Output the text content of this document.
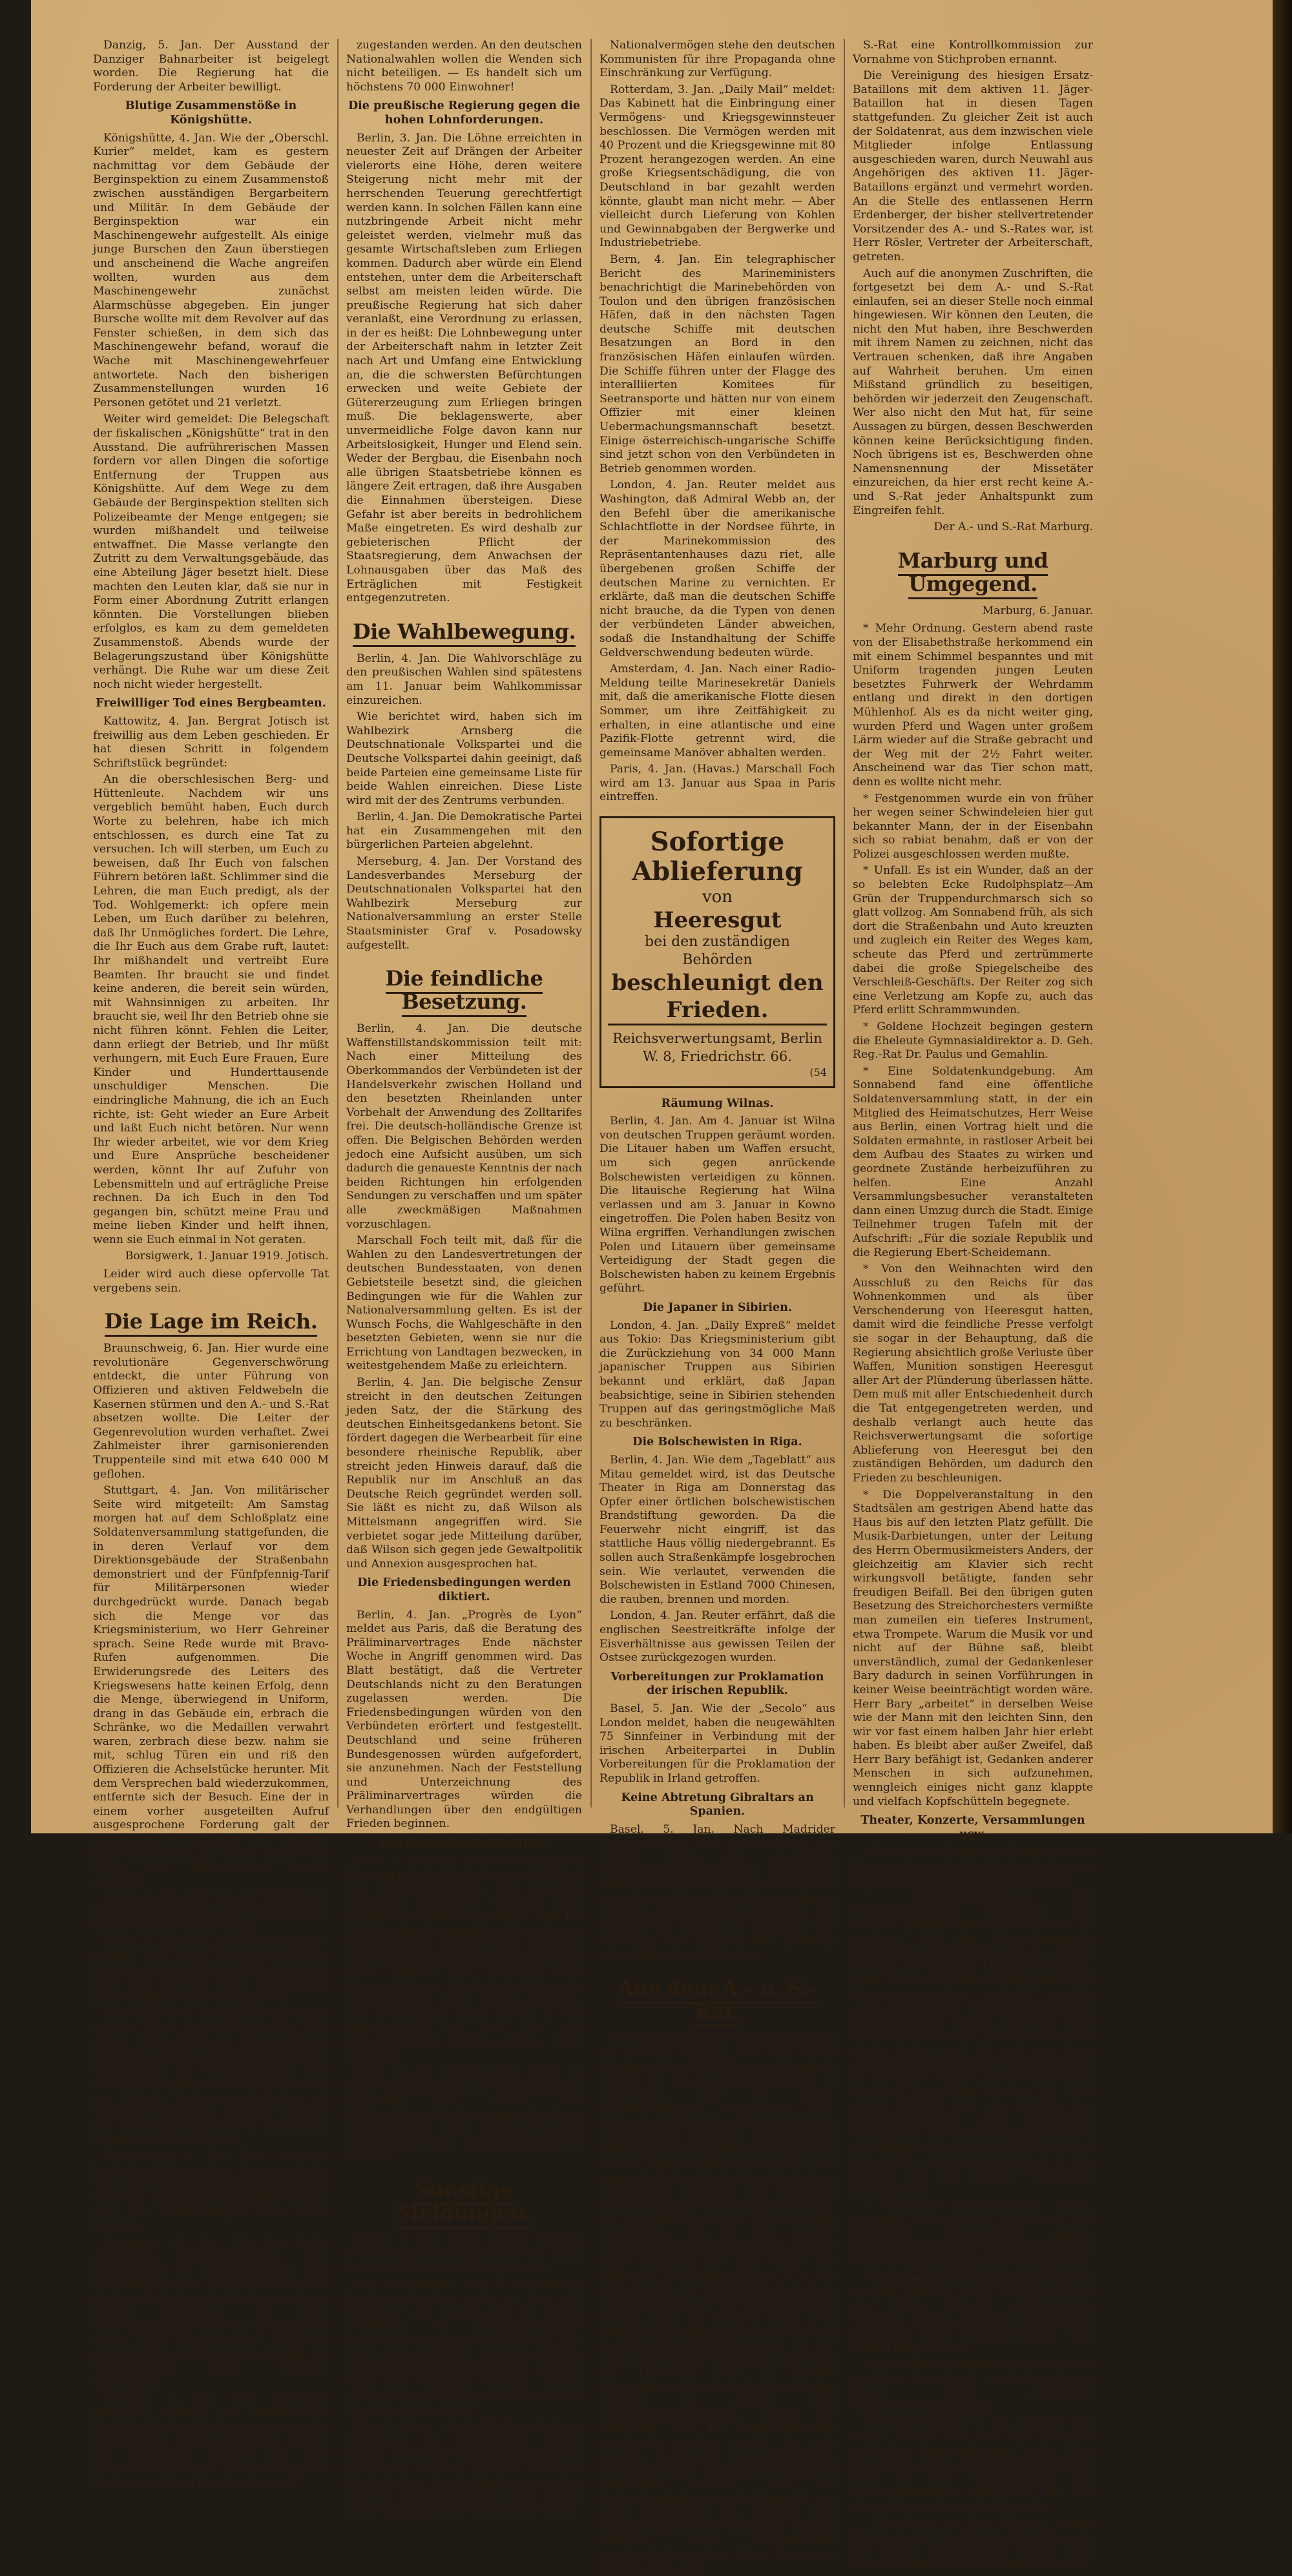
Danzig, 5. Jan. Der Ausstand der Danziger Bahnarbeiter ist beigelegt worden. Die Regierung hat die Forderung der Arbeiter bewilligt.

Blutige Zusammenstöße in Königshütte.

Königshütte, 4. Jan. Wie der „Oberschl. Kurier“ meldet, kam es gestern nachmittag vor dem Gebäude der Berginspektion zu einem Zusammenstoß zwischen ausständigen Bergarbeitern und Militär. In dem Gebäude der Berginspektion war ein Maschinengewehr aufgestellt. Als einige junge Burschen den Zaun überstiegen und anscheinend die Wache angreifen wollten, wurden aus dem Maschinengewehr zunächst Alarmschüsse abgegeben. Ein junger Bursche wollte mit dem Revolver auf das Fenster schießen, in dem sich das Maschinengewehr befand, worauf die Wache mit Maschinengewehrfeuer antwortete. Nach den bisherigen Zusammenstellungen wurden 16 Personen getötet und 21 verletzt.

Weiter wird gemeldet: Die Belegschaft der fiskalischen „Königshütte“ trat in den Ausstand. Die aufrührerischen Massen fordern vor allen Dingen die sofortige Entfernung der Truppen aus Königshütte. Auf dem Wege zu dem Gebäude der Berginspektion stellten sich Polizeibeamte der Menge entgegen; sie wurden mißhandelt und teilweise entwaffnet. Die Masse verlangte den Zutritt zu dem Verwaltungsgebäude, das eine Abteilung Jäger besetzt hielt. Diese machten den Leuten klar, daß sie nur in Form einer Abordnung Zutritt erlangen könnten. Die Vorstellungen blieben erfolglos, es kam zu dem gemeldeten Zusammenstoß. Abends wurde der Belagerungszustand über Königshütte verhängt. Die Ruhe war um diese Zeit noch nicht wieder hergestellt.

Freiwilliger Tod eines Bergbeamten.

Kattowitz, 4. Jan. Bergrat Jotisch ist freiwillig aus dem Leben geschieden. Er hat diesen Schritt in folgendem Schriftstück begründet:

An die oberschlesischen Berg- und Hüttenleute. Nachdem wir uns vergeblich bemüht haben, Euch durch Worte zu belehren, habe ich mich entschlossen, es durch eine Tat zu versuchen. Ich will sterben, um Euch zu beweisen, daß Ihr Euch von falschen Führern betören laßt. Schlimmer sind die Lehren, die man Euch predigt, als der Tod. Wohlgemerkt: ich opfere mein Leben, um Euch darüber zu belehren, daß Ihr Unmögliches fordert. Die Lehre, die Ihr Euch aus dem Grabe ruft, lautet: Ihr mißhandelt und vertreibt Eure Beamten. Ihr braucht sie und findet keine anderen, die bereit sein würden, mit Wahnsinnigen zu arbeiten. Ihr braucht sie, weil Ihr den Betrieb ohne sie nicht führen könnt. Fehlen die Leiter, dann erliegt der Betrieb, und Ihr müßt verhungern, mit Euch Eure Frauen, Eure Kinder und Hunderttausende unschuldiger Menschen. Die eindringliche Mahnung, die ich an Euch richte, ist: Geht wieder an Eure Arbeit und laßt Euch nicht betören. Nur wenn Ihr wieder arbeitet, wie vor dem Krieg und Eure Ansprüche bescheidener werden, könnt Ihr auf Zufuhr von Lebensmitteln und auf erträgliche Preise rechnen. Da ich Euch in den Tod gegangen bin, schützt meine Frau und meine lieben Kinder und helft ihnen, wenn sie Euch einmal in Not geraten.

Borsigwerk, 1. Januar 1919. Jotisch.

Leider wird auch diese opfervolle Tat vergebens sein.

Die Lage im Reich.

Braunschweig, 6. Jan. Hier wurde eine revolutionäre Gegenverschwörung entdeckt, die unter Führung von Offizieren und aktiven Feldwebeln die Kasernen stürmen und den A.- und S.-Rat absetzen wollte. Die Leiter der Gegenrevolution wurden verhaftet. Zwei Zahlmeister ihrer garnisonierenden Truppenteile sind mit etwa 640 000 M geflohen.

Stuttgart, 4. Jan. Von militärischer Seite wird mitgeteilt: Am Samstag morgen hat auf dem Schloßplatz eine Soldatenversammlung stattgefunden, die in deren Verlauf vor dem Direktionsgebäude der Straßenbahn demonstriert und der Fünfpfennig-Tarif für Militärpersonen wieder durchgedrückt wurde. Danach begab sich die Menge vor das Kriegsministerium, wo Herr Gehreiner sprach. Seine Rede wurde mit Bravo-Rufen aufgenommen. Die Erwiderungsrede des Leiters des Kriegswesens hatte keinen Erfolg, denn die Menge, überwiegend in Uniform, drang in das Gebäude ein, erbrach die Schränke, wo die Medaillen verwahrt waren, zerbrach diese bezw. nahm sie mit, schlug Türen ein und riß den Offizieren die Achselstücke herunter. Mit dem Versprechen bald wiederzukommen, entfernte sich der Besuch. Eine der in einem vorher ausgeteilten Aufruf ausgesprochene Forderung galt der Entfernung der Offiziere. Der Soldaten- und Arbeiterrat, an seiner Spitze der Leiter des Kriegswesens, waren machtlos.

Berlin, 4. Jan. Ein Teil der Weinhäuser hat den Kellnern ein festes monatliches Gehalt von 1000 M bewilligt.

Berlin, 4. Jan. Die „Deutsche Allg. Ztg.“ meldet, daß nach Informationen der Reichsregierung Radek Berlin verlassen habe und daß von einer Unwesenheit Joffes in Berlin nichts bekannt sei.

Bemerkenswert ist folgende Zuschrift, die der „Voss. Ztg.“ erhalten hat: Eine starke Minderheit der Marinedivision wünschte, daß sie keine Tagesdiebe sind, Verwendung im Ostgrenzschutz. Die Führer bekämpfen aber diesen Plan, teils aus Furcht, teils aus Hoffnung auf sonstige Verwendung. Mit dem Gelingen zur Unterstützung unseres Gedankens. Matrosen auf nach Posen!

Königsberg, 3. Jan. Der weilende Landwirtschaftsminister Braun äußerte sich: Mit Polen wird es hier nicht soweit, wenn wir militärisch eingegriffen hätten, was die Unabhängigen aber nicht zuließen.

Hamburg, 4. Jan. Die für heute angesetzte Volksversammlung aller Soldatenräte in Hamburg-Altona und Umgebung zweck Einigung unter den drei sozialistischen Richtungen verlief in großer Erregung. In einer Beschlußfassung kam es infolgedessen nicht. Nach weitgehenden heftigsten gegenseitigen Anfeindungen gingen die Versammelten ohne Ergebnis auseinander.

Dresden, 3. Jan. Der „Dresdner Anzeiger“ meldet aus zuverlässiger Quelle, daß die Wenden einen eigenen Oberlausitzer Freistaat gründen wollen. Sie verhandeln darüber mit dem Verband, und es soll ihnen ein eigener Vertreter auf dem Friedenskongreß

zugestanden werden. An den deutschen Nationalwahlen wollen die Wenden sich nicht beteiligen. — Es handelt sich um höchstens 70 000 Einwohner!

Die preußische Regierung gegen die hohen Lohnforderungen.

Berlin, 3. Jan. Die Löhne erreichten in neuester Zeit auf Drängen der Arbeiter vielerorts eine Höhe, deren weitere Steigerung nicht mehr mit der herrschenden Teuerung gerechtfertigt werden kann. In solchen Fällen kann eine nutzbringende Arbeit nicht mehr geleistet werden, vielmehr muß das gesamte Wirtschaftsleben zum Erliegen kommen. Dadurch aber würde ein Elend entstehen, unter dem die Arbeiterschaft selbst am meisten leiden würde. Die preußische Regierung hat sich daher veranlaßt, eine Verordnung zu erlassen, in der es heißt: Die Lohnbewegung unter der Arbeiterschaft nahm in letzter Zeit nach Art und Umfang eine Entwicklung an, die die schwersten Befürchtungen erwecken und weite Gebiete der Gütererzeugung zum Erliegen bringen muß. Die beklagenswerte, aber unvermeidliche Folge davon kann nur Arbeitslosigkeit, Hunger und Elend sein. Weder der Bergbau, die Eisenbahn noch alle übrigen Staatsbetriebe können es längere Zeit ertragen, daß ihre Ausgaben die Einnahmen übersteigen. Diese Gefahr ist aber bereits in bedrohlichem Maße eingetreten. Es wird deshalb zur gebieterischen Pflicht der Staatsregierung, dem Anwachsen der Lohnausgaben über das Maß des Erträglichen mit Festigkeit entgegenzutreten.

Die Wahlbewegung.

Berlin, 4. Jan. Die Wahlvorschläge zu den preußischen Wahlen sind spätestens am 11. Januar beim Wahlkommissar einzureichen.

Wie berichtet wird, haben sich im Wahlbezirk Arnsberg die Deutschnationale Volkspartei und die Deutsche Volkspartei dahin geeinigt, daß beide Parteien eine gemeinsame Liste für beide Wahlen einreichen. Diese Liste wird mit der des Zentrums verbunden.

Berlin, 4. Jan. Die Demokratische Partei hat ein Zusammengehen mit den bürgerlichen Parteien abgelehnt.

Merseburg, 4. Jan. Der Vorstand des Landesverbandes Merseburg der Deutschnationalen Volkspartei hat den Wahlbezirk Merseburg zur Nationalversammlung an erster Stelle Staatsminister Graf v. Posadowsky aufgestellt.

Die feindliche Besetzung.

Berlin, 4. Jan. Die deutsche Waffenstillstandskommission teilt mit: Nach einer Mitteilung des Oberkommandos der Verbündeten ist der Handelsverkehr zwischen Holland und den besetzten Rheinlanden unter Vorbehalt der Anwendung des Zolltarifes frei. Die deutsch-holländische Grenze ist offen. Die Belgischen Behörden werden jedoch eine Aufsicht ausüben, um sich dadurch die genaueste Kenntnis der nach beiden Richtungen hin erfolgenden Sendungen zu verschaffen und um später alle zweckmäßigen Maßnahmen vorzuschlagen.

Marschall Foch teilt mit, daß für die Wahlen zu den Landesvertretungen der deutschen Bundesstaaten, von denen Gebietsteile besetzt sind, die gleichen Bedingungen wie für die Wahlen zur Nationalversammlung gelten. Es ist der Wunsch Fochs, die Wahlgeschäfte in den besetzten Gebieten, wenn sie nur die Errichtung von Landtagen bezwecken, in weitestgehendem Maße zu erleichtern.

Berlin, 4. Jan. Die belgische Zensur streicht in den deutschen Zeitungen jeden Satz, der die Stärkung des deutschen Einheitsgedankens betont. Sie fördert dagegen die Werbearbeit für eine besondere rheinische Republik, aber streicht jeden Hinweis darauf, daß die Republik nur im Anschluß an das Deutsche Reich gegründet werden soll. Sie läßt es nicht zu, daß Wilson als Mittelsmann angegriffen wird. Sie verbietet sogar jede Mitteilung darüber, daß Wilson sich gegen jede Gewaltpolitik und Annexion ausgesprochen hat.

Die Friedensbedingungen werden diktiert.

Berlin, 4. Jan. „Progrès de Lyon“ meldet aus Paris, daß die Beratung des Präliminarvertrages Ende nächster Woche in Angriff genommen wird. Das Blatt bestätigt, daß die Vertreter Deutschlands nicht zu den Beratungen zugelassen werden. Die Friedensbedingungen würden von den Verbündeten erörtert und festgestellt. Deutschland und seine früheren Bundesgenossen würden aufgefordert, sie anzunehmen. Nach der Feststellung und Unterzeichnung des Präliminarvertrages würden die Verhandlungen über den endgültigen Frieden beginnen.

Die deutschen Luftschiffe.

Bern, 4. Jan. Der „Matin“ verlangt die Herausgabe der Zeppeline vor Abschluß des Friedensvertrages. Die neuesten deutschen Zeppeline könnten jetzt stündlich 90 Klm. zurücklegen und für 100 Stunden Brennstoff an Bord führen. Die Luftschiffe könnten 9000 Kilometer ohne Zwischenlandung zurücklegen und somit bequem von Hamburg nach Newyork fahren. Die Entente könne die Verwirklichung eines solchen Projekts, das Deutschland einen Vorteil in der Beherrschung der Luft und auf wirtschaftlichem Gebiete sichere, nicht zulassen.

Paris, 4. Jan. (Havas.) Das „Echo de Paris“ sagt bezüglich der Uebergabe der Zeppeline auf Grund der Waffenstillstandsbedingungen, daß diese wahrscheinlich durch eigenes Personal nach England und Frankreich gefahren werden.

Sonstige Meldungen.

Berlin, 4. Jan. Prinz August Wilhelm von Preußen ist in den Dienst der Benz-Automobil-Gesellschaft eingetreten.

Der Vorsitzende des v. Kleistschen Familienverbandes gibt in der „D. Tageszig.“ die Namen der im Kriege gefallenen 16 Familienmitglieder bekannt (darunter 2 Generäle) und fügt hinzu: Sie sind nicht umsonst gefallen, denn sie durften noch glauben, daß das Wort zur Wahrheit werden würde: „Nimmer wird das Reich zerstöret, wenn ihr einig seid und treu.“

Basel, 4. Jan. „Daily Mail“ meldet aus Stockholm: Im Petersburger Sowjet wurde von dem Volksbeauftragten für Petersburg bekannt gegeben, daß die Revolution in Deutschland zu erwarten sei. Die Revolution könne nicht länger mehr aufgehalten werden. Das russische

Nationalvermögen stehe den deutschen Kommunisten für ihre Propaganda ohne Einschränkung zur Verfügung.

Rotterdam, 3. Jan. „Daily Mail“ meldet: Das Kabinett hat die Einbringung einer Vermögens- und Kriegsgewinnsteuer beschlossen. Die Vermögen werden mit 40 Prozent und die Kriegsgewinne mit 80 Prozent herangezogen werden. An eine große Kriegsentschädigung, die von Deutschland in bar gezahlt werden könnte, glaubt man nicht mehr. — Aber vielleicht durch Lieferung von Kohlen und Gewinnabgaben der Bergwerke und Industriebetriebe.

Bern, 4. Jan. Ein telegraphischer Bericht des Marineministers benachrichtigt die Marinebehörden von Toulon und den übrigen französischen Häfen, daß in den nächsten Tagen deutsche Schiffe mit deutschen Besatzungen an Bord in den französischen Häfen einlaufen würden. Die Schiffe führen unter der Flagge des interalliierten Komitees für Seetransporte und hätten nur von einem Offizier mit einer kleinen Uebermachungsmannschaft besetzt. Einige österreichisch-ungarische Schiffe sind jetzt schon von den Verbündeten in Betrieb genommen worden.

London, 4. Jan. Reuter meldet aus Washington, daß Admiral Webb an, der den Befehl über die amerikanische Schlachtflotte in der Nordsee führte, in der Marinekommission des Repräsentantenhauses dazu riet, alle übergebenen großen Schiffe der deutschen Marine zu vernichten. Er erklärte, daß man die deutschen Schiffe nicht brauche, da die Typen von denen der verbündeten Länder abweichen, sodaß die Instandhaltung der Schiffe Geldverschwendung bedeuten würde.

Amsterdam, 4. Jan. Nach einer Radio-Meldung teilte Marinesekretär Daniels mit, daß die amerikanische Flotte diesen Sommer, um ihre Zeitfähigkeit zu erhalten, in eine atlantische und eine Pazifik-Flotte getrennt wird, die gemeinsame Manöver abhalten werden.

Paris, 4. Jan. (Havas.) Marschall Foch wird am 13. Januar aus Spaa in Paris eintreffen.

Sofortige Ablieferung
von
Heeresgut
bei den zuständigen Behörden
beschleunigt den Frieden.
Reichsverwertungsamt, Berlin W. 8, Friedrichstr. 66.
(54
Räumung Wilnas.

Berlin, 4. Jan. Am 4. Januar ist Wilna von deutschen Truppen geräumt worden. Die Litauer haben um Waffen ersucht, um sich gegen anrückende Bolschewisten verteidigen zu können. Die litauische Regierung hat Wilna verlassen und am 3. Januar in Kowno eingetroffen. Die Polen haben Besitz von Wilna ergriffen. Verhandlungen zwischen Polen und Litauern über gemeinsame Verteidigung der Stadt gegen die Bolschewisten haben zu keinem Ergebnis geführt.

Die Japaner in Sibirien.

London, 4. Jan. „Daily Expreß“ meldet aus Tokio: Das Kriegsministerium gibt die Zurückziehung von 34 000 Mann japanischer Truppen aus Sibirien bekannt und erklärt, daß Japan beabsichtige, seine in Sibirien stehenden Truppen auf das geringstmögliche Maß zu beschränken.

Die Bolschewisten in Riga.

Berlin, 4. Jan. Wie dem „Tageblatt“ aus Mitau gemeldet wird, ist das Deutsche Theater in Riga am Donnerstag das Opfer einer örtlichen bolschewistischen Brandstiftung geworden. Da die Feuerwehr nicht eingriff, ist das stattliche Haus völlig niedergebrannt. Es sollen auch Straßenkämpfe losgebrochen sein. Wie verlautet, verwenden die Bolschewisten in Estland 7000 Chinesen, die rauben, brennen und morden.

London, 4. Jan. Reuter erfährt, daß die englischen Seestreitkräfte infolge der Eisverhältnisse aus gewissen Teilen der Ostsee zurückgezogen wurden.

Vorbereitungen zur Proklamation der irischen Republik.

Basel, 5. Jan. Wie der „Secolo“ aus London meldet, haben die neugewählten 75 Sinnfeiner in Verbindung mit der irischen Arbeiterpartei in Dublin Vorbereitungen für die Proklamation der Republik in Irland getroffen.

Keine Abtretung Gibraltars an Spanien.

Basel, 5. Jan. Nach Madrider „Informationen“ hat das Ergebnis der Pariser Reise des spanischen Ministerpräsidenten Grafen Romanones Enttäuschung hervorgerufen. Romanones versuchte in Paris durch Zugeständnisse Spaniens in Marokko die Rückgabe von Gibraltar an Spanien zu erlangen. Wie verlautet, hat England die Erfüllung dieses Wunsches abgelehnt.

Aus dem A.- u. S.-Rat.

Vor kurzem ging die Mitteilung durch die hiesige Presse, daß der Stadt Marburg allein 23 000 Zentner Kartoffeln fehlten. Es ist als unverantwortlich zu bezeichnen, daß in dieser gewitterschwülen, erregbaren Zeit, solche beunruhigende Alarmnachrichten von berufener Seite der Oeffentlichkeit übergeben werden. Jeder Leser mußte in diesem Falle annehmen, daß für den augenblicklichen Bedarf der Stadt diese ungeheuren Summen an Kartoffeln ausfielen. Das ist durchaus nicht richtig, da der Stadt keinerlei Entbehrungen bevorstehen. Die 23 000 Zentner Kartoffeln sind der Restbestand, den der Kreis Marburg bis zum Ende des laufenden Verpflegungsjahres, d. h. bis August 1919, der hiesigen Stadt noch zu liefern hat. Und wie die Kreisverwaltung mitteilt, sind im hiesigen Kreis noch genügend Vorräte vorhanden. Die Stadt zu liefernden Kartoffeln ist so bei der Stadt noch immer vorhanden; aber weil die Lieferung jetzt in großen Einquartierung an dem Lande und den Mangel an Zufuhr- und Transportmöglichkeiten, infolge der Witterung, auf die Frühjahrsmonate verschoben werden mußte. Da sich einzelne Gemeinden geweigert haben, die festgesetzten Summen zu liefern, ist angeordnet worden, daß die Bestandsaufnahmen unter Kontrolle von einer Kommission des Arbeiter- und Bauernrates, Rat der Arbeiterrat und des Arbeiter- und Soldatenrates durchgeführt werden. Dem Bauernrat, die hiesige A.- und

S.-Rat eine Kontrollkommission zur Vornahme von Stichproben ernannt.

Die Vereinigung des hiesigen Ersatz-Bataillons mit dem aktiven 11. Jäger-Bataillon hat in diesen Tagen stattgefunden. Zu gleicher Zeit ist auch der Soldatenrat, aus dem inzwischen viele Mitglieder infolge Entlassung ausgeschieden waren, durch Neuwahl aus Angehörigen des aktiven 11. Jäger-Bataillons ergänzt und vermehrt worden. An die Stelle des entlassenen Herrn Erdenberger, der bisher stellvertretender Vorsitzender des A.- und S.-Rates war, ist Herr Rösler, Vertreter der Arbeiterschaft, getreten.

Auch auf die anonymen Zuschriften, die fortgesetzt bei dem A.- und S.-Rat einlaufen, sei an dieser Stelle noch einmal hingewiesen. Wir können den Leuten, die nicht den Mut haben, ihre Beschwerden mit ihrem Namen zu zeichnen, nicht das Vertrauen schenken, daß ihre Angaben auf Wahrheit beruhen. Um einen Mißstand gründlich zu beseitigen, behörden wir jederzeit den Zeugenschaft. Wer also nicht den Mut hat, für seine Aussagen zu bürgen, dessen Beschwerden können keine Berücksichtigung finden. Noch übrigens ist es, Beschwerden ohne Namensnennung der Missetäter einzureichen, da hier erst recht keine A.- und S.-Rat jeder Anhaltspunkt zum Eingreifen fehlt.

Der A.- und S.-Rat Marburg.
Marburg und Umgegend.
Marburg, 6. Januar.

* Mehr Ordnung. Gestern abend raste von der Elisabethstraße herkommend ein mit einem Schimmel bespanntes und mit Uniform tragenden jungen Leuten besetztes Fuhrwerk der Wehrdamm entlang und direkt in den dortigen Mühlenhof. Als es da nicht weiter ging, wurden Pferd und Wagen unter großem Lärm wieder auf die Straße gebracht und der Weg mit der 2½ Fahrt weiter. Anscheinend war das Tier schon matt, denn es wollte nicht mehr.

* Festgenommen wurde ein von früher her wegen seiner Schwindeleien hier gut bekannter Mann, der in der Eisenbahn sich so rabiat benahm, daß er von der Polizei ausgeschlossen werden mußte.

* Unfall. Es ist ein Wunder, daß an der so belebten Ecke Rudolphsplatz—Am Grün der Truppendurchmarsch sich so glatt vollzog. Am Sonnabend früh, als sich dort die Straßenbahn und Auto kreuzten und zugleich ein Reiter des Weges kam, scheute das Pferd und zertrümmerte dabei die große Spiegelscheibe des Verschleiß-Geschäfts. Der Reiter zog sich eine Verletzung am Kopfe zu, auch das Pferd erlitt Schrammwunden.

* Goldene Hochzeit begingen gestern die Eheleute Gymnasialdirektor a. D. Geh. Reg.-Rat Dr. Paulus und Gemahlin.

* Eine Soldatenkundgebung. Am Sonnabend fand eine öffentliche Soldatenversammlung statt, in der ein Mitglied des Heimatschutzes, Herr Weise aus Berlin, einen Vortrag hielt und die Soldaten ermahnte, in rastloser Arbeit bei dem Aufbau des Staates zu wirken und geordnete Zustände herbeizuführen zu helfen. Eine Anzahl Versammlungsbesucher veranstalteten dann einen Umzug durch die Stadt. Einige Teilnehmer trugen Tafeln mit der Aufschrift: „Für die soziale Republik und die Regierung Ebert-Scheidemann.

* Von den Weihnachten wird den Ausschluß zu den Reichs für das Wohnenkommen und als über Verschenderung von Heeresgut hatten, damit wird die feindliche Presse verfolgt sie sogar in der Behauptung, daß die Regierung absichtlich große Verluste über Waffen, Munition sonstigen Heeresgut aller Art der Plünderung überlassen hätte. Dem muß mit aller Entschiedenheit durch die Tat entgegengetreten werden, und deshalb verlangt auch heute das Reichsverwertungsamt die sofortige Ablieferung von Heeresgut bei den zuständigen Behörden, um dadurch den Frieden zu beschleunigen.

* Die Doppelveranstaltung in den Stadtsälen am gestrigen Abend hatte das Haus bis auf den letzten Platz gefüllt. Die Musik-Darbietungen, unter der Leitung des Herrn Obermusikmeisters Anders, der gleichzeitig am Klavier sich recht wirkungsvoll betätigte, fanden sehr freudigen Beifall. Bei den übrigen guten Besetzung des Streichorchesters vermißte man zumeilen ein tieferes Instrument, etwa Trompete. Warum die Musik vor und nicht auf der Bühne saß, bleibt unverständlich, zumal der Gedankenleser Bary dadurch in seinen Vorführungen in keiner Weise beeinträchtigt worden wäre. Herr Bary „arbeitet“ in derselben Weise wie der Mann mit den leichten Sinn, den wir vor fast einem halben Jahr hier erlebt haben. Es bleibt aber außer Zweifel, daß Herr Bary befähigt ist, Gedanken anderer Menschen in sich aufzunehmen, wenngleich einiges nicht ganz klappte und vielfach Kopfschütteln begegnete.

Theater, Konzerte, Versammlungen usw.

* Deutsche Volkspartei. Heute abend 8 Uhr spricht in den Stadtsälen Geheimrat Rießer, Vorsitzender des Hansabundes.

* Frauenversammlung der Deutschnationalen Volkspartei. Wir werden gebeten darauf aufmerksam zu machen, daß die Deutschnationale Volkspartei am Dienstag, den 7., abends 8½ Uhr, im Gasthaus Lederer, Reitgasse, nicht nur ihre weiblichen Mitglieder zur Frauenversammlung einladet, sondern auch alle anderen Frauen und Mädchen Marburgs aller Stände, die zwar nicht Mitglieder aber doch Gesinnungsfreunde dieser Partei sind. Es soll eine freie Aussprache über die heute für uns Frauen so wichtigen Fragen, die in die Frauen belebten, angestrebt werden. Es wird durch Vortrag über die Vorzüge des Frauen-Wahlrechts eine Aussprache anschließen. Es wird eine Ansprache über die Aufgaben der Frauen in der Partei von Demokratie und Frauenmitarbeit in den Städten und die deutsche Volkspartei hinausgehen.

* Deutsche Demokratische Partei. Dienstag abend 8 Uhr spricht in den Stadtsälen Bürgermeister Luppe-Frankfurt, der auf der Kandidatenliste für Hessen-Nassau steht. Siehe Anzeigenteil.

* Volkstümlicher Vortragsabend. Auf die morgen Dienstag abend 8 Uhr im Saale des Kaffee Quentin stattfindenden Vorträge unseres beliebten heimischen Künstlers, Herrn Philipp Ströbel, wird einmal hingewiesen.

* Der landwirtschaftliche Verein hält am nächsten Sonnabend im Lederer'schen Saale seine diesjährige Wintersversammlung ab.

(!) Ockershausen, 5. Jan. Gestern und heute fanden hier drei gut besuchte politische Versammlungen statt. Eine besonders eifrige Aussprache entwickelte sich in der Versammlung der Deutschnationalen Volkspartei, die von Herrn Pfarrer Hinz geleitet wurde.

. Hachborn, 4. Jan. Als im letzten Sommer auch in unseren Kirchlein auch die Glocke abgenommen wurde, hatte man dies in der Gemeinde sehr bedauert.
